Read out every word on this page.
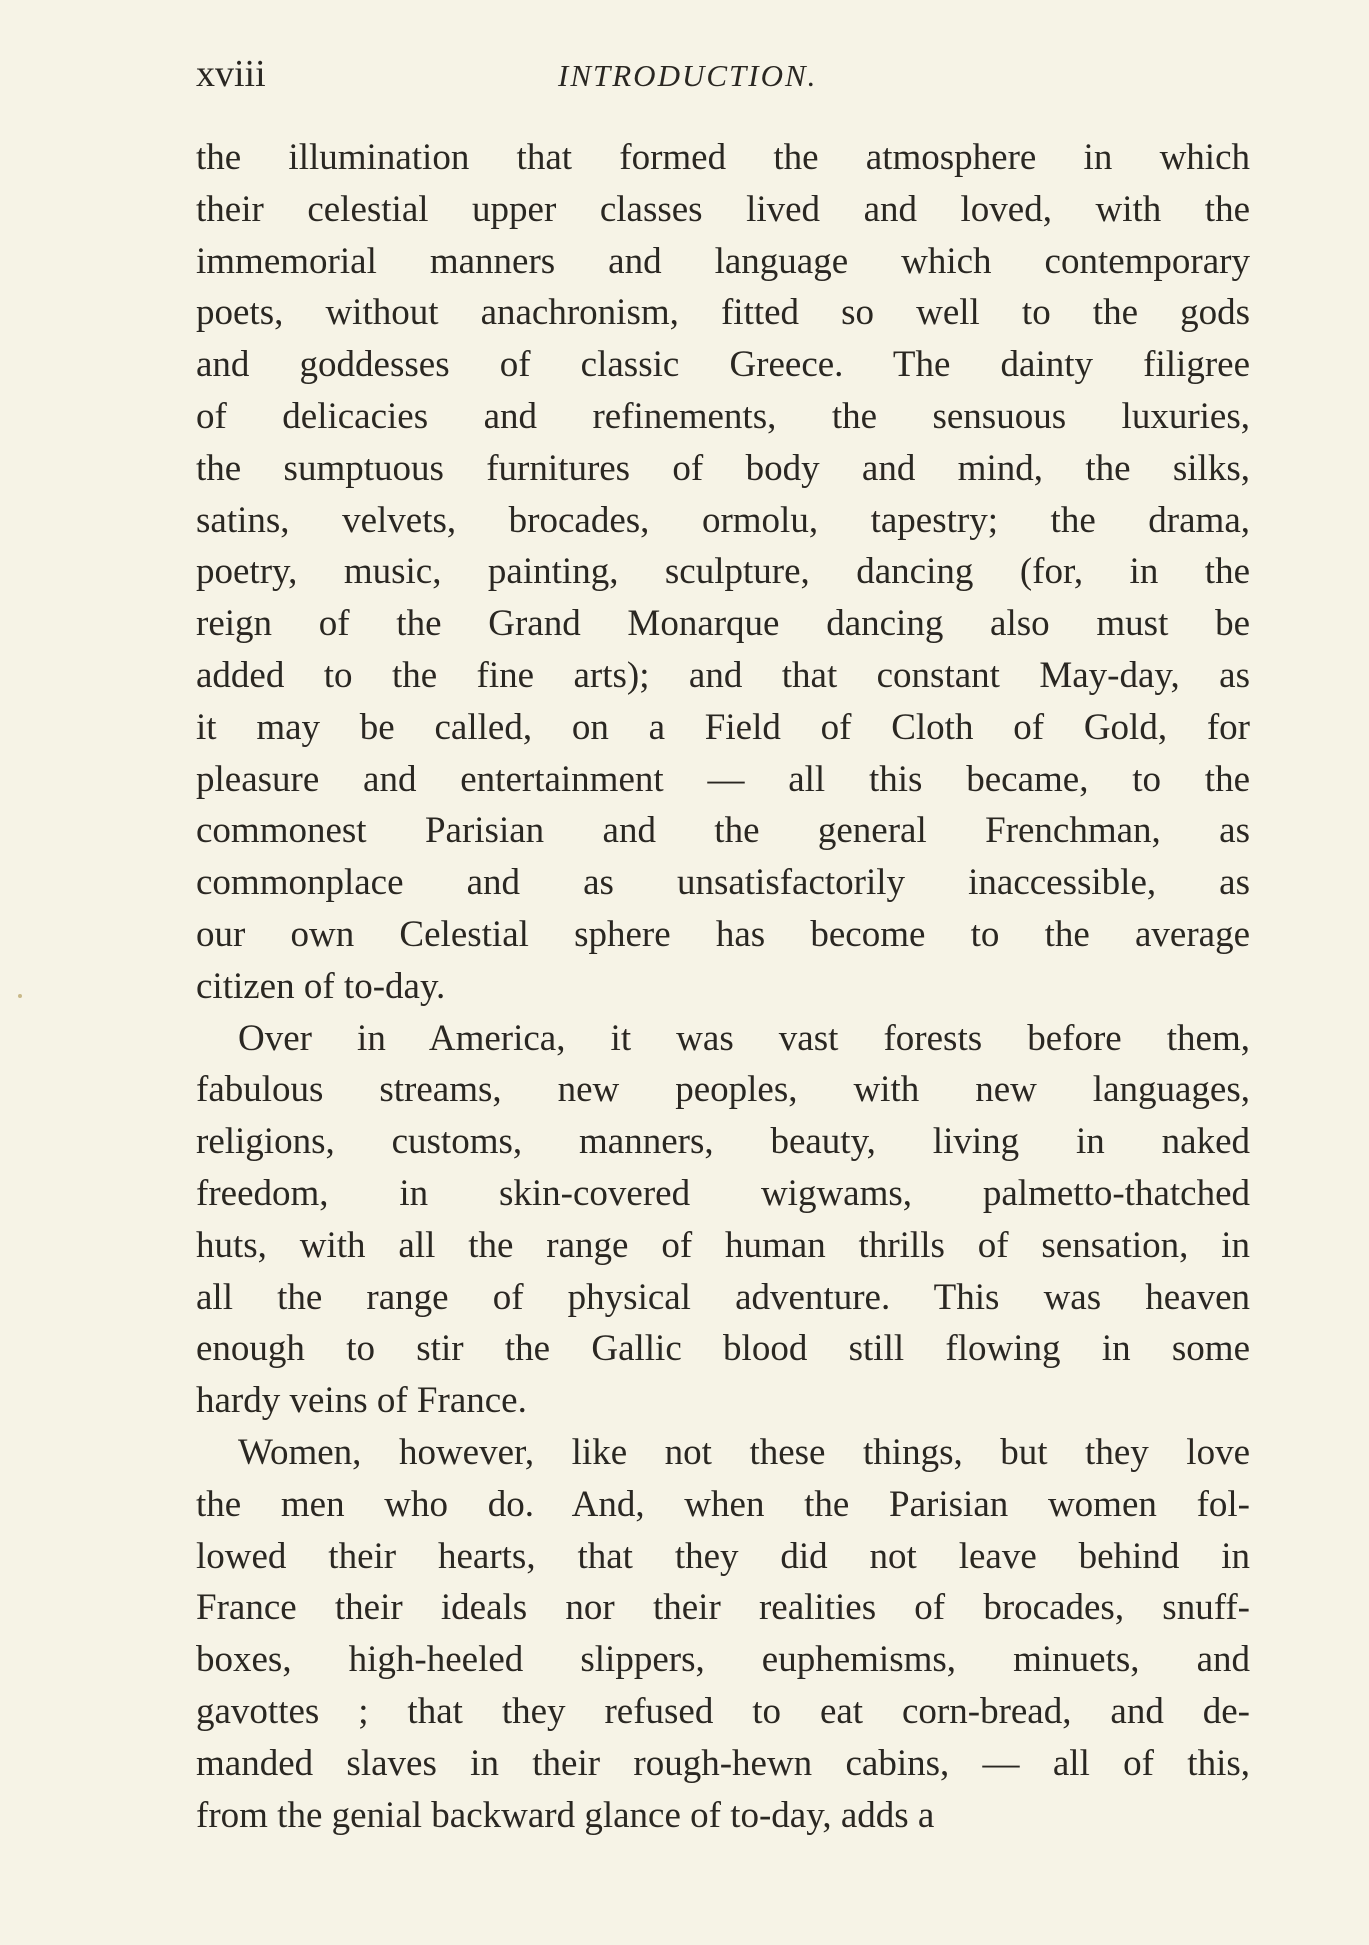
xviii	INTRODUCTION.
the illumination that formed the atmosphere in which
their celestial upper classes lived and loved, with the
immemorial manners and language which contemporary
poets, without anachronism, fitted so well to the gods
and goddesses of classic Greece. The dainty filigree
of delicacies and refinements, the sensuous luxuries,
the sumptuous furnitures of body and mind, the silks,
satins, velvets, brocades, ormolu, tapestry; the drama,
poetry, music, painting, sculpture, dancing (for, in the
reign of the Grand Monarque dancing also must be
added to the fine arts); and that constant May-day, as
it may be called, on a Field of Cloth of Gold, for
pleasure and entertainment — all this became, to the
commonest Parisian and the general Frenchman, as
commonplace and as unsatisfactorily inaccessible, as
our own Celestial sphere has become to the average
citizen of to-day.
Over in America, it was vast forests before them,
fabulous streams, new peoples, with new languages,
religions, customs, manners, beauty, living in naked
freedom, in skin-covered wigwams, palmetto-thatched
huts, with all the range of human thrills of sensation, in
all the range of physical adventure. This was heaven
enough to stir the Gallic blood still flowing in some
hardy veins of France.
Women, however, like not these things, but they love
the men who do. And, when the Parisian women fol-
lowed their hearts, that they did not leave behind in
France their ideals nor their realities of brocades, snuff-
boxes, high-heeled slippers, euphemisms, minuets, and
gavottes ; that they refused to eat corn-bread, and de-
manded slaves in their rough-hewn cabins, — all of this,
from the genial backward glance of to-day, adds a
